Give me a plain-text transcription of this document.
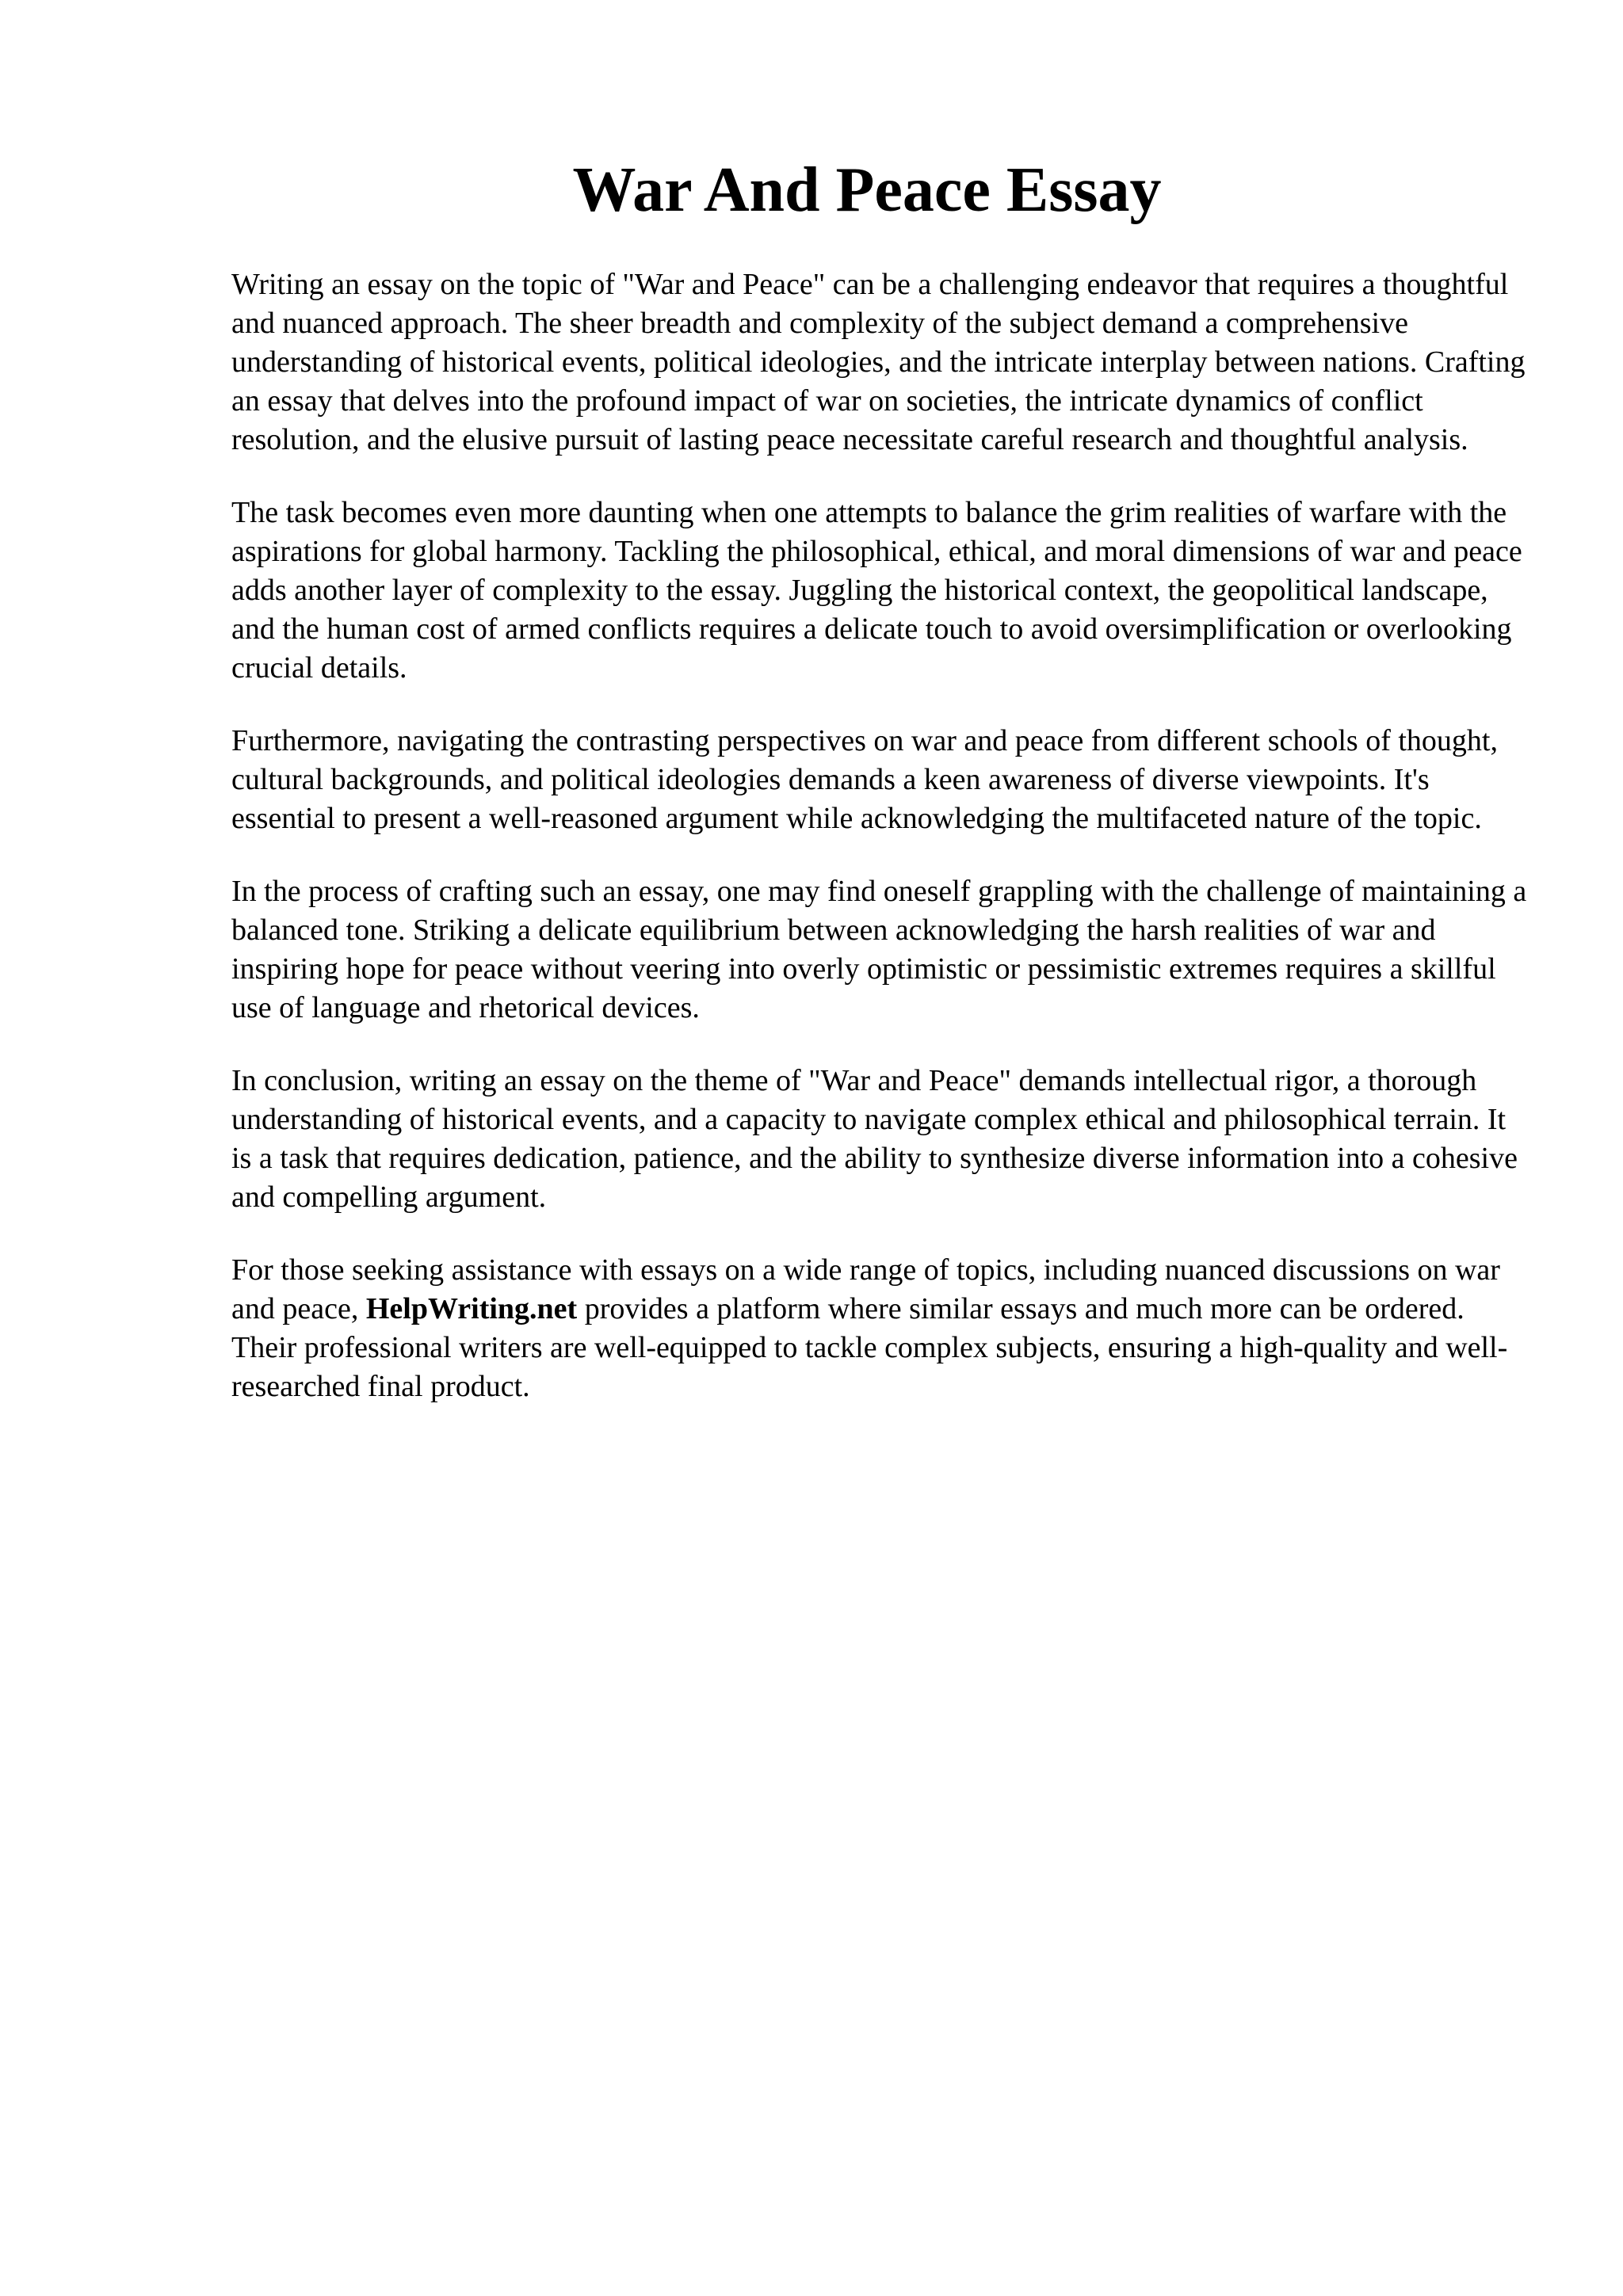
War And Peace Essay

Writing an essay on the topic of "War and Peace" can be a challenging endeavor that requires a thoughtful and nuanced approach. The sheer breadth and complexity of the subject demand a comprehensive understanding of historical events, political ideologies, and the intricate interplay between nations. Crafting an essay that delves into the profound impact of war on societies, the intricate dynamics of conflict resolution, and the elusive pursuit of lasting peace necessitate careful research and thoughtful analysis.

The task becomes even more daunting when one attempts to balance the grim realities of warfare with the aspirations for global harmony. Tackling the philosophical, ethical, and moral dimensions of war and peace adds another layer of complexity to the essay. Juggling the historical context, the geopolitical landscape, and the human cost of armed conflicts requires a delicate touch to avoid oversimplification or overlooking crucial details.

Furthermore, navigating the contrasting perspectives on war and peace from different schools of thought, cultural backgrounds, and political ideologies demands a keen awareness of diverse viewpoints. It's essential to present a well-reasoned argument while acknowledging the multifaceted nature of the topic.

In the process of crafting such an essay, one may find oneself grappling with the challenge of maintaining a balanced tone. Striking a delicate equilibrium between acknowledging the harsh realities of war and inspiring hope for peace without veering into overly optimistic or pessimistic extremes requires a skillful use of language and rhetorical devices.

In conclusion, writing an essay on the theme of "War and Peace" demands intellectual rigor, a thorough understanding of historical events, and a capacity to navigate complex ethical and philosophical terrain. It is a task that requires dedication, patience, and the ability to synthesize diverse information into a cohesive and compelling argument.

For those seeking assistance with essays on a wide range of topics, including nuanced discussions on war and peace, HelpWriting.net provides a platform where similar essays and much more can be ordered. Their professional writers are well-equipped to tackle complex subjects, ensuring a high-quality and well-researched final product.
